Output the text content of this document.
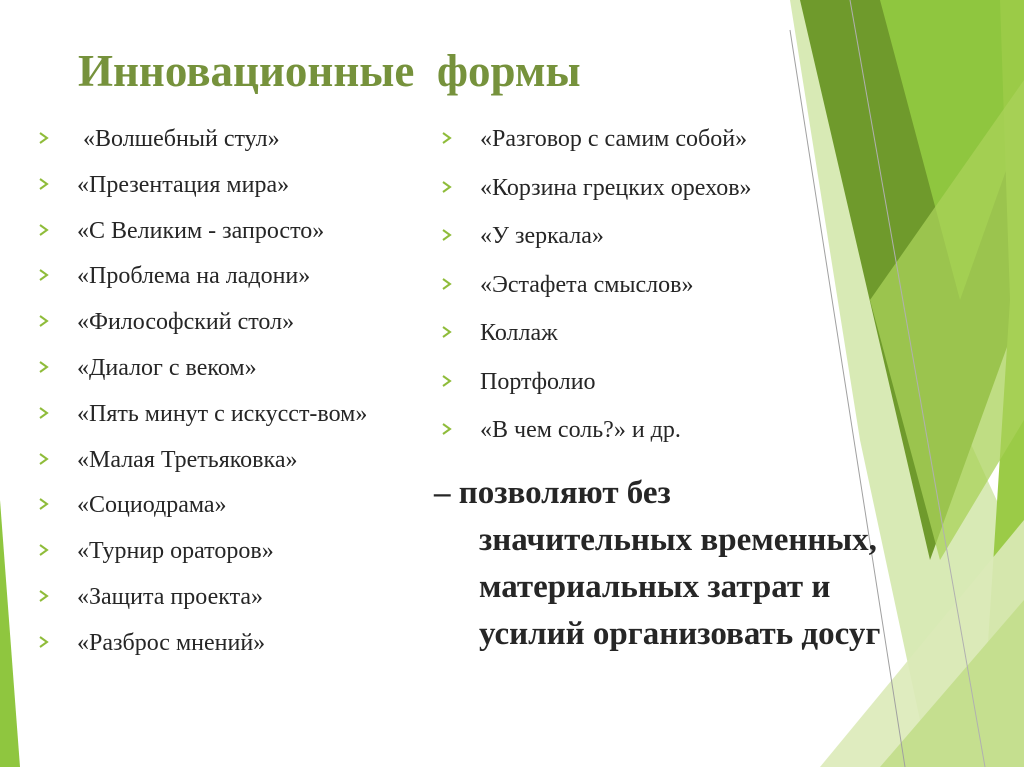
Инновационные  формы
«Волшебный стул»
«Презентация мира»
«С Великим - запросто»
«Проблема на ладони»
«Философский стол»
«Диалог с веком»
«Пять минут с искусст-вом»
«Малая Третьяковка»
«Социодрама»
«Турнир ораторов»
«Защита проекта»
«Разброс мнений»
«Разговор с самим собой»
«Корзина грецких орехов»
«У зеркала»
«Эстафета смыслов»
Коллаж
Портфолио
«В чем соль?» и др.
– позволяют без
значительных временных,
материальных затрат и
усилий организовать досуг
